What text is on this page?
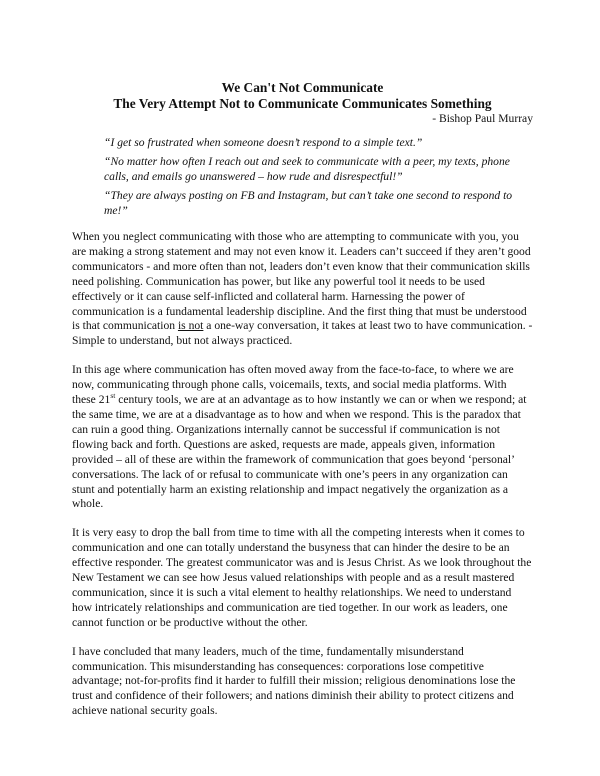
We Can't Not Communicate
The Very Attempt Not to Communicate Communicates Something

- Bishop Paul Murray

“I get so frustrated when someone doesn’t respond to a simple text.”

“No matter how often I reach out and seek to communicate with a peer, my texts, phone calls, and emails go unanswered – how rude and disrespectful!”

“They are always posting on FB and Instagram, but can’t take one second to respond to me!”

When you neglect communicating with those who are attempting to communicate with you, you are making a strong statement and may not even know it. Leaders can’t succeed if they aren’t good communicators - and more often than not, leaders don’t even know that their communication skills need polishing. Communication has power, but like any powerful tool it needs to be used effectively or it can cause self-inflicted and collateral harm. Harnessing the power of communication is a fundamental leadership discipline. And the first thing that must be understood is that communication is not a one-way conversation, it takes at least two to have communication. - Simple to understand, but not always practiced.

In this age where communication has often moved away from the face-to-face, to where we are now, communicating through phone calls, voicemails, texts, and social media platforms. With these 21st century tools, we are at an advantage as to how instantly we can or when we respond; at the same time, we are at a disadvantage as to how and when we respond. This is the paradox that can ruin a good thing. Organizations internally cannot be successful if communication is not flowing back and forth. Questions are asked, requests are made, appeals given, information provided – all of these are within the framework of communication that goes beyond ‘personal’ conversations. The lack of or refusal to communicate with one’s peers in any organization can stunt and potentially harm an existing relationship and impact negatively the organization as a whole.

It is very easy to drop the ball from time to time with all the competing interests when it comes to communication and one can totally understand the busyness that can hinder the desire to be an effective responder. The greatest communicator was and is Jesus Christ. As we look throughout the New Testament we can see how Jesus valued relationships with people and as a result mastered communication, since it is such a vital element to healthy relationships. We need to understand how intricately relationships and communication are tied together. In our work as leaders, one cannot function or be productive without the other.

I have concluded that many leaders, much of the time, fundamentally misunderstand communication. This misunderstanding has consequences: corporations lose competitive advantage; not-for-profits find it harder to fulfill their mission; religious denominations lose the trust and confidence of their followers; and nations diminish their ability to protect citizens and achieve national security goals.
